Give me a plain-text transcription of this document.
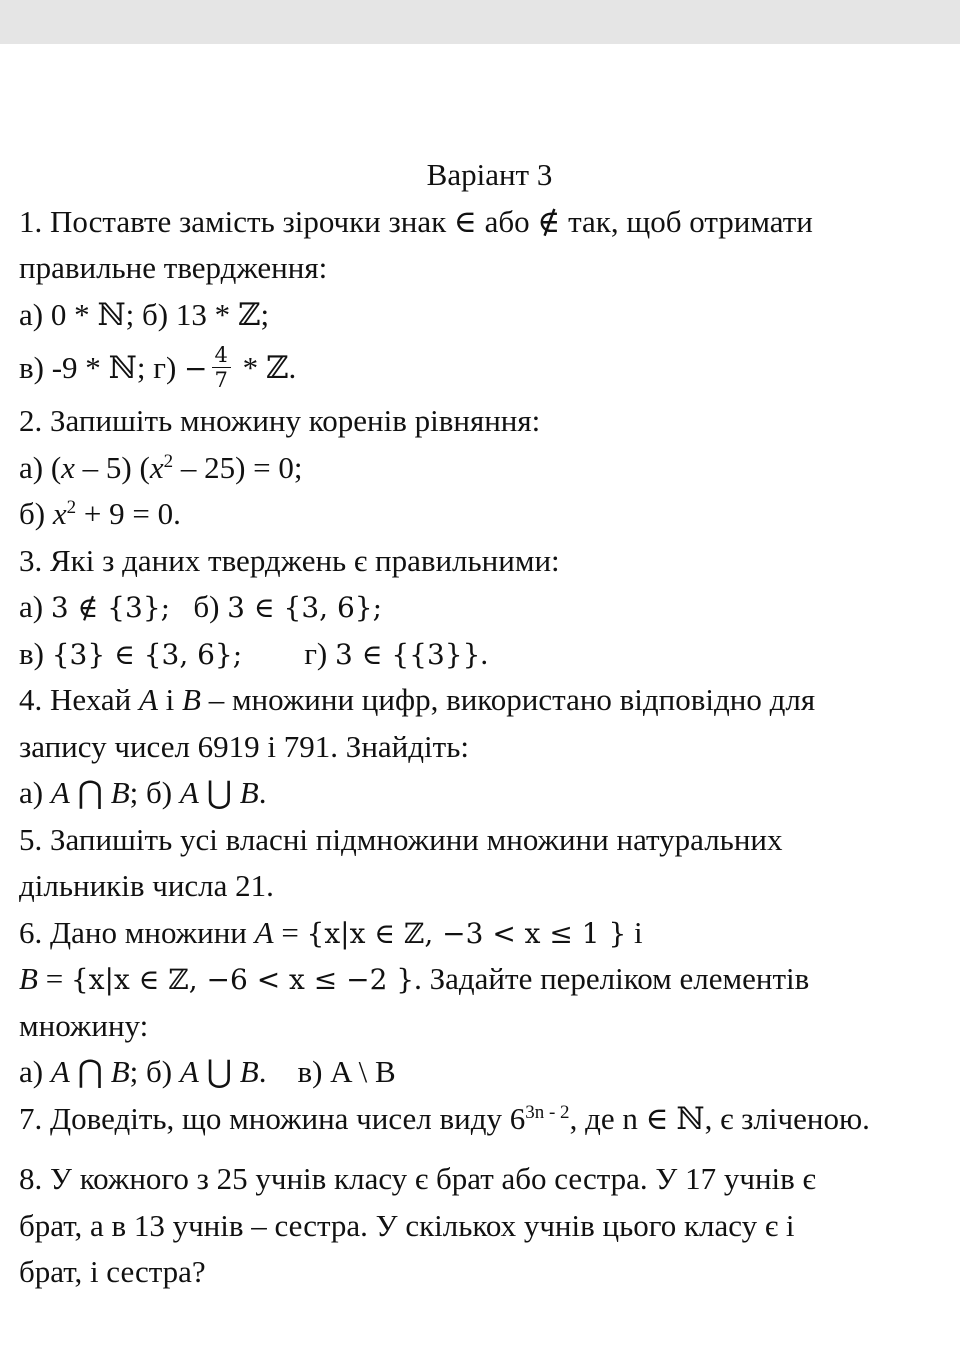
Варіант 3
1. Поставте замість зірочки знак ∈ або ∉ так, щоб отримати
правильне твердження:
а) 0 * ℕ; б) 13 * ℤ;
в) -9 * ℕ; $г) - \frac{4}{7}$ * ℤ.
2. Запишіть множину коренів рівняння:
а) (x – 5) $(x^2 - 25) = 0$;
б) $x^2 + 9 = 0$.
3. Які з даних тверджень є правильними:
а) 3 ∉ {3};   б) 3 ∈ {3, 6};
в) {3} ∈ {3, 6};        г) 3 ∈ {{3}}.
4. Нехай A і B – множини цифр, використано відповідно для
запису чисел 6919 і 791. Знайдіть:
а) A ⋂ B; б) A ⋃ B.
5. Запишіть усі власні підмножини множини натуральних
дільників числа 21.
6. Дано множини A = {x|x ∈ ℤ, −3 < x ≤ 1 } і
B = {x|x ∈ ℤ, −6 < x ≤ −2 }. Задайте переліком елементів
множину:
а) A ⋂ B; б) A ⋃ B.    в) A \ B
7. Доведіть, що множина чисел виду $6^{3n - 2}$, де n ∈ ℕ, є зліченою.
8. У кожного з 25 учнів класу є брат або сестра. У 17 учнів є
брат, а в 13 учнів – сестра. У скількох учнів цього класу є і
брат, і сестра?
